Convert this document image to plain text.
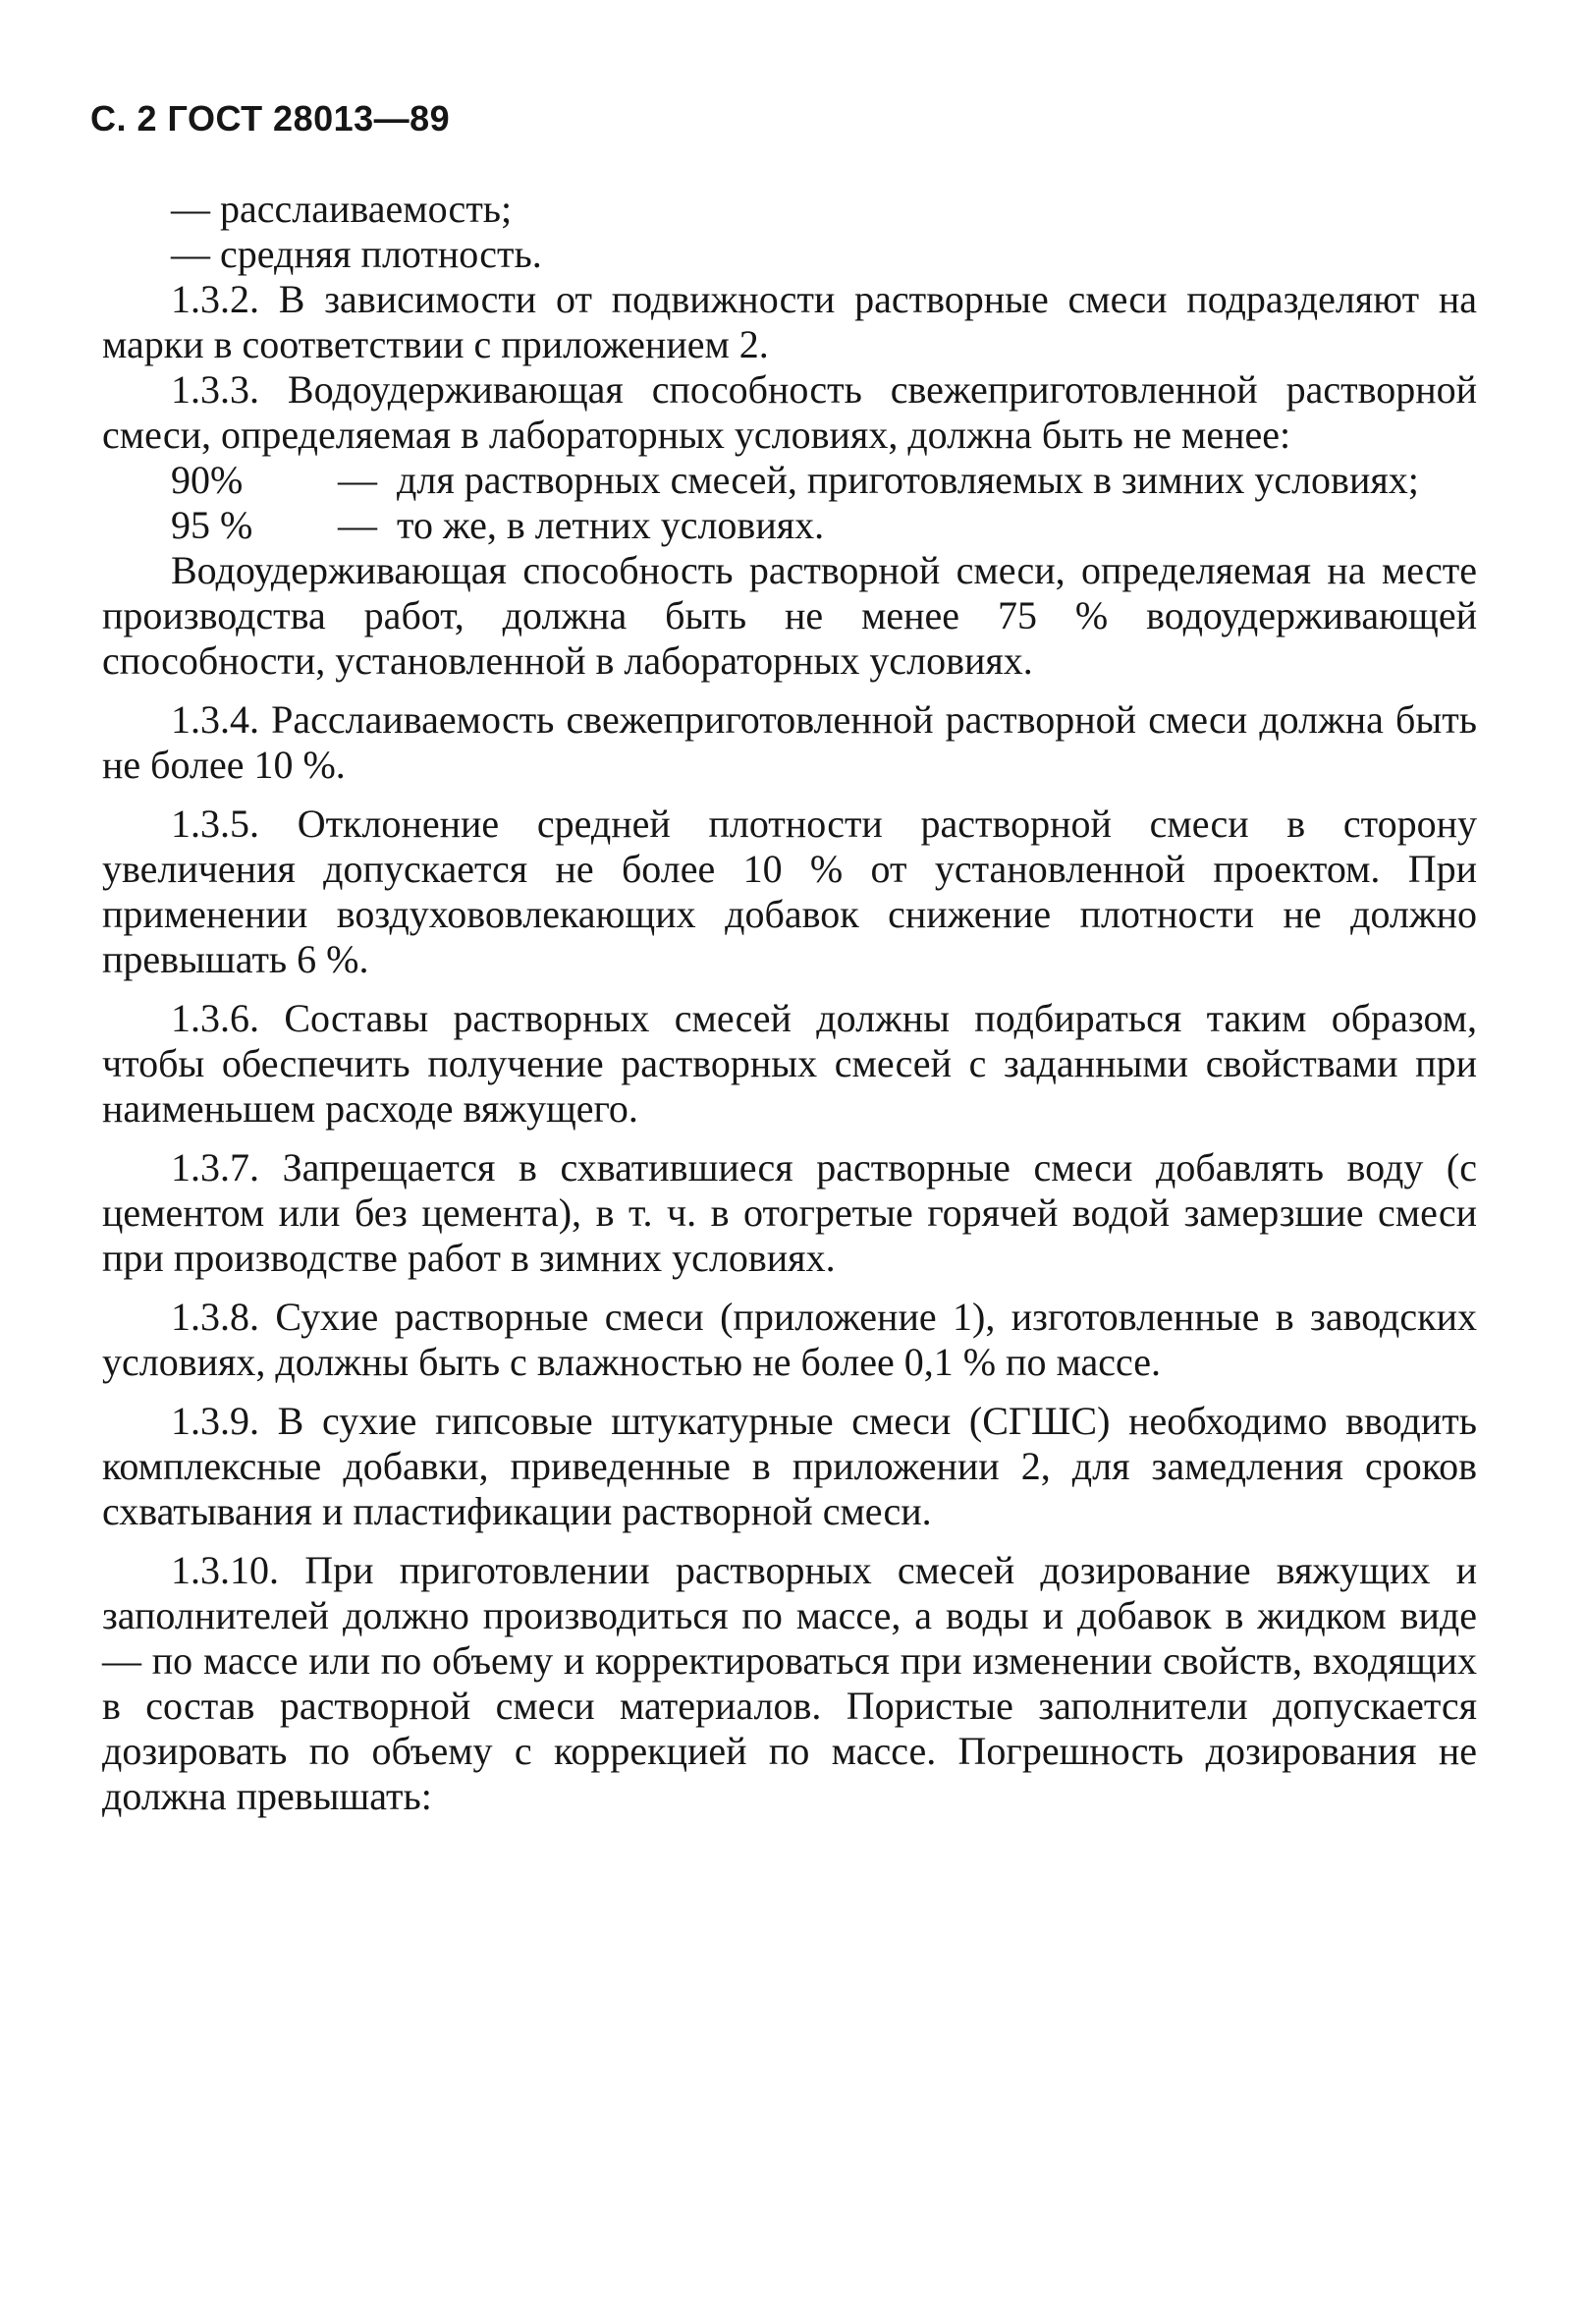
С. 2 ГОСТ 28013—89

— расслаиваемость;

— средняя плотность.

1.3.2. В зависимости от подвижности растворные смеси подразделяют на марки в соответствии с приложением 2.

1.3.3. Водоудерживающая способность свежеприготовленной растворной смеси, определяемая в лабораторных условиях, должна быть не менее:

90%	— для растворных смесей, приготовляемых в зимних условиях;
95 %	— то же, в летних условиях.

Водоудерживающая способность растворной смеси, определяемая на месте производства работ, должна быть не менее 75 % водоудерживающей способности, установленной в лабораторных условиях.

1.3.4. Расслаиваемость свежеприготовленной растворной смеси должна быть не более 10 %.

1.3.5. Отклонение средней плотности растворной смеси в сторону увеличения допускается не более 10 % от установленной проектом. При применении воздухововлекающих добавок снижение плотности не должно превышать 6 %.

1.3.6. Составы растворных смесей должны подбираться таким образом, чтобы обеспечить получение растворных смесей с заданными свойствами при наименьшем расходе вяжущего.

1.3.7. Запрещается в схватившиеся растворные смеси добавлять воду (с цементом или без цемента), в т. ч. в отогретые горячей водой замерзшие смеси при производстве работ в зимних условиях.

1.3.8. Сухие растворные смеси (приложение 1), изготовленные в заводских условиях, должны быть с влажностью не более 0,1 % по массе.

1.3.9. В сухие гипсовые штукатурные смеси (СГШС) необходимо вводить комплексные добавки, приведенные в приложении 2, для замедления сроков схватывания и пластификации растворной смеси.

1.3.10. При приготовлении растворных смесей дозирование вяжущих и заполнителей должно производиться по массе, а воды и добавок в жидком виде — по массе или по объему и корректироваться при изменении свойств, входящих в состав растворной смеси материалов. Пористые заполнители допускается дозировать по объему с коррекцией по массе. Погрешность дозирования не должна превышать:
